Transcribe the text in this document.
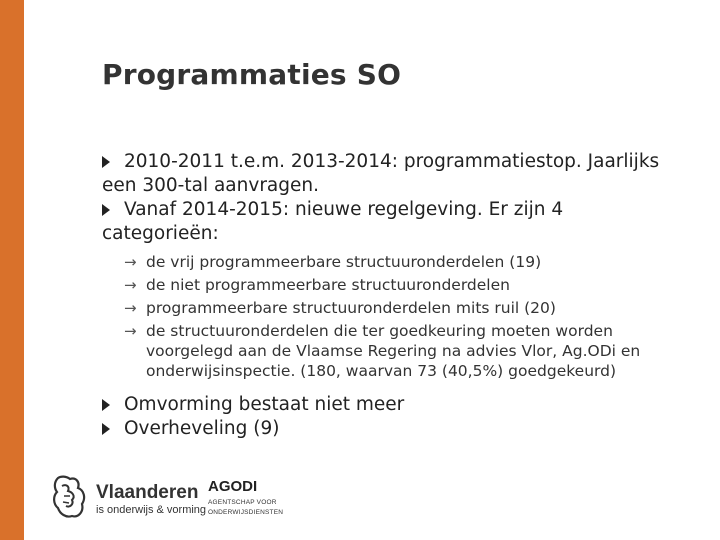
Programmaties SO
2010-2011 t.e.m. 2013-2014: programmatiestop. Jaarlijks een 300-tal aanvragen.
Vanaf 2014-2015: nieuwe regelgeving. Er zijn 4 categorieën:
→ de vrij programmeerbare structuuronderdelen (19)
→ de niet programmeerbare structuuronderdelen
→ programmeerbare structuuronderdelen mits ruil (20)
→ de structuuronderdelen die ter goedkeuring moeten worden voorgelegd aan de Vlaamse Regering na advies Vlor, Ag.ODi en onderwijsinspectie. (180, waarvan 73 (40,5%) goedgekeurd)
Omvorming bestaat niet meer
Overheveling (9)
Vlaanderen
is onderwijs & vorming
AGODI
AGENTSCHAP VOOR ONDERWIJSDIENSTEN
